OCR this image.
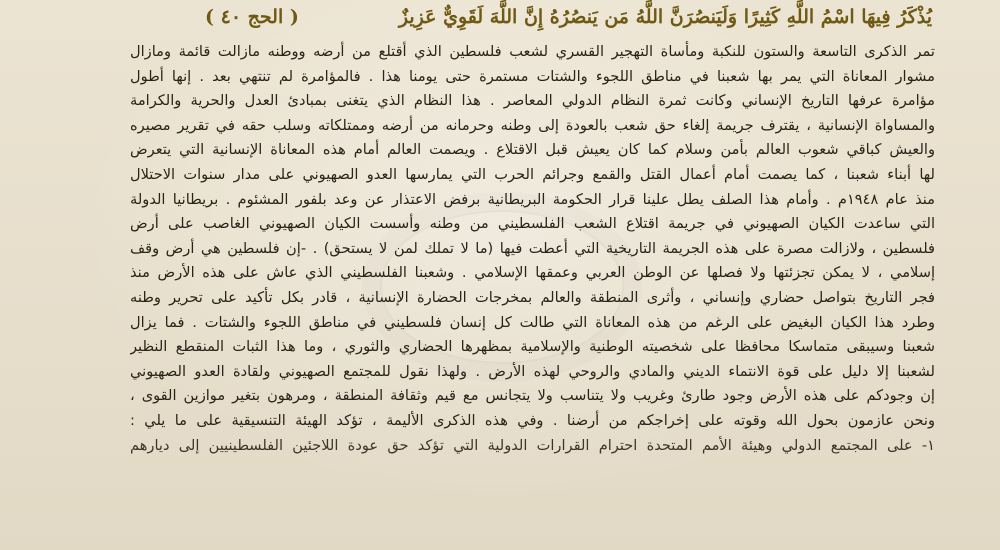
يُذْكَرُ فِيهَا اسْمُ اللَّهِ كَثِيرًا وَلَيَنصُرَنَّ اللَّهُ مَن يَنصُرُهُ إِنَّ اللَّهَ لَقَوِيٌّ عَزِيزٌ
( الحج ٤٠ )
تمر الذكرى التاسعة والستون للنكبة ومأساة التهجير القسري لشعب فلسطين الذي أقتلع من أرضه ووطنه مازالت قائمة ومازال
مشوار المعاناة التي يمر بها شعبنا في مناطق اللجوء والشتات مستمرة حتى يومنا هذا . فالمؤامرة لم تنتهي بعد . إنها أطول
مؤامرة عرفها التاريخ الإنساني وكانت ثمرة النظام الدولي المعاصر . هذا النظام الذي يتغنى بمبادئ العدل والحرية والكرامة
والمساواة الإنسانية ، يقترف جريمة إلغاء حق شعب بالعودة إلى وطنه وحرمانه من أرضه وممتلكاته وسلب حقه في تقرير مصيره
والعيش كباقي شعوب العالم بأمن وسلام كما كان يعيش قبل الاقتلاع . ويصمت العالم أمام هذه المعاناة الإنسانية التي يتعرض
لها أبناء شعبنا ، كما يصمت أمام أعمال القتل والقمع وجرائم الحرب التي يمارسها العدو الصهيوني على مدار سنوات الاحتلال
منذ عام ١٩٤٨م . وأمام هذا الصلف يطل علينا قرار الحكومة البريطانية برفض الاعتذار عن وعد بلفور المشئوم . بريطانيا الدولة
التي ساعدت الكيان الصهيوني في جريمة اقتلاع الشعب الفلسطيني من وطنه وأسست الكيان الصهيوني الغاصب على أرض
فلسطين ، ولازالت مصرة على هذه الجريمة التاريخية التي أعطت فيها (ما لا تملك لمن لا يستحق) . -إن فلسطين هي أرض وقف
إسلامي ، لا يمكن تجزئتها ولا فصلها عن الوطن العربي وعمقها الإسلامي . وشعبنا الفلسطيني الذي عاش على هذه الأرض منذ
فجر التاريخ بتواصل حضاري وإنساني ، وأثرى المنطقة والعالم بمخرجات الحضارة الإنسانية ، قادر بكل تأكيد على تحرير وطنه
وطرد هذا الكيان البغيض على الرغم من هذه المعاناة التي طالت كل إنسان فلسطيني في مناطق اللجوء والشتات . فما يزال
شعبنا وسيبقى متماسكا محافظا على شخصيته الوطنية والإسلامية بمظهرها الحضاري والثوري ، وما هذا الثبات المنقطع النظير
لشعبنا إلا دليل على قوة الانتماء الديني والمادي والروحي لهذه الأرض . ولهذا نقول للمجتمع الصهيوني ولقادة العدو الصهيوني
إن وجودكم على هذه الأرض وجود طارئ وغريب ولا يتناسب ولا يتجانس مع قيم وثقافة المنطقة ، ومرهون بتغير موازين القوى ،
ونحن عازمون بحول الله وقوته على إخراجكم من أرضنا . وفي هذه الذكرى الأليمة ، تؤكد الهيئة التنسيقية على ما يلي :
١- على المجتمع الدولي وهيئة الأمم المتحدة احترام القرارات الدولية التي تؤكد حق عودة اللاجئين الفلسطينيين إلى ديارهم
